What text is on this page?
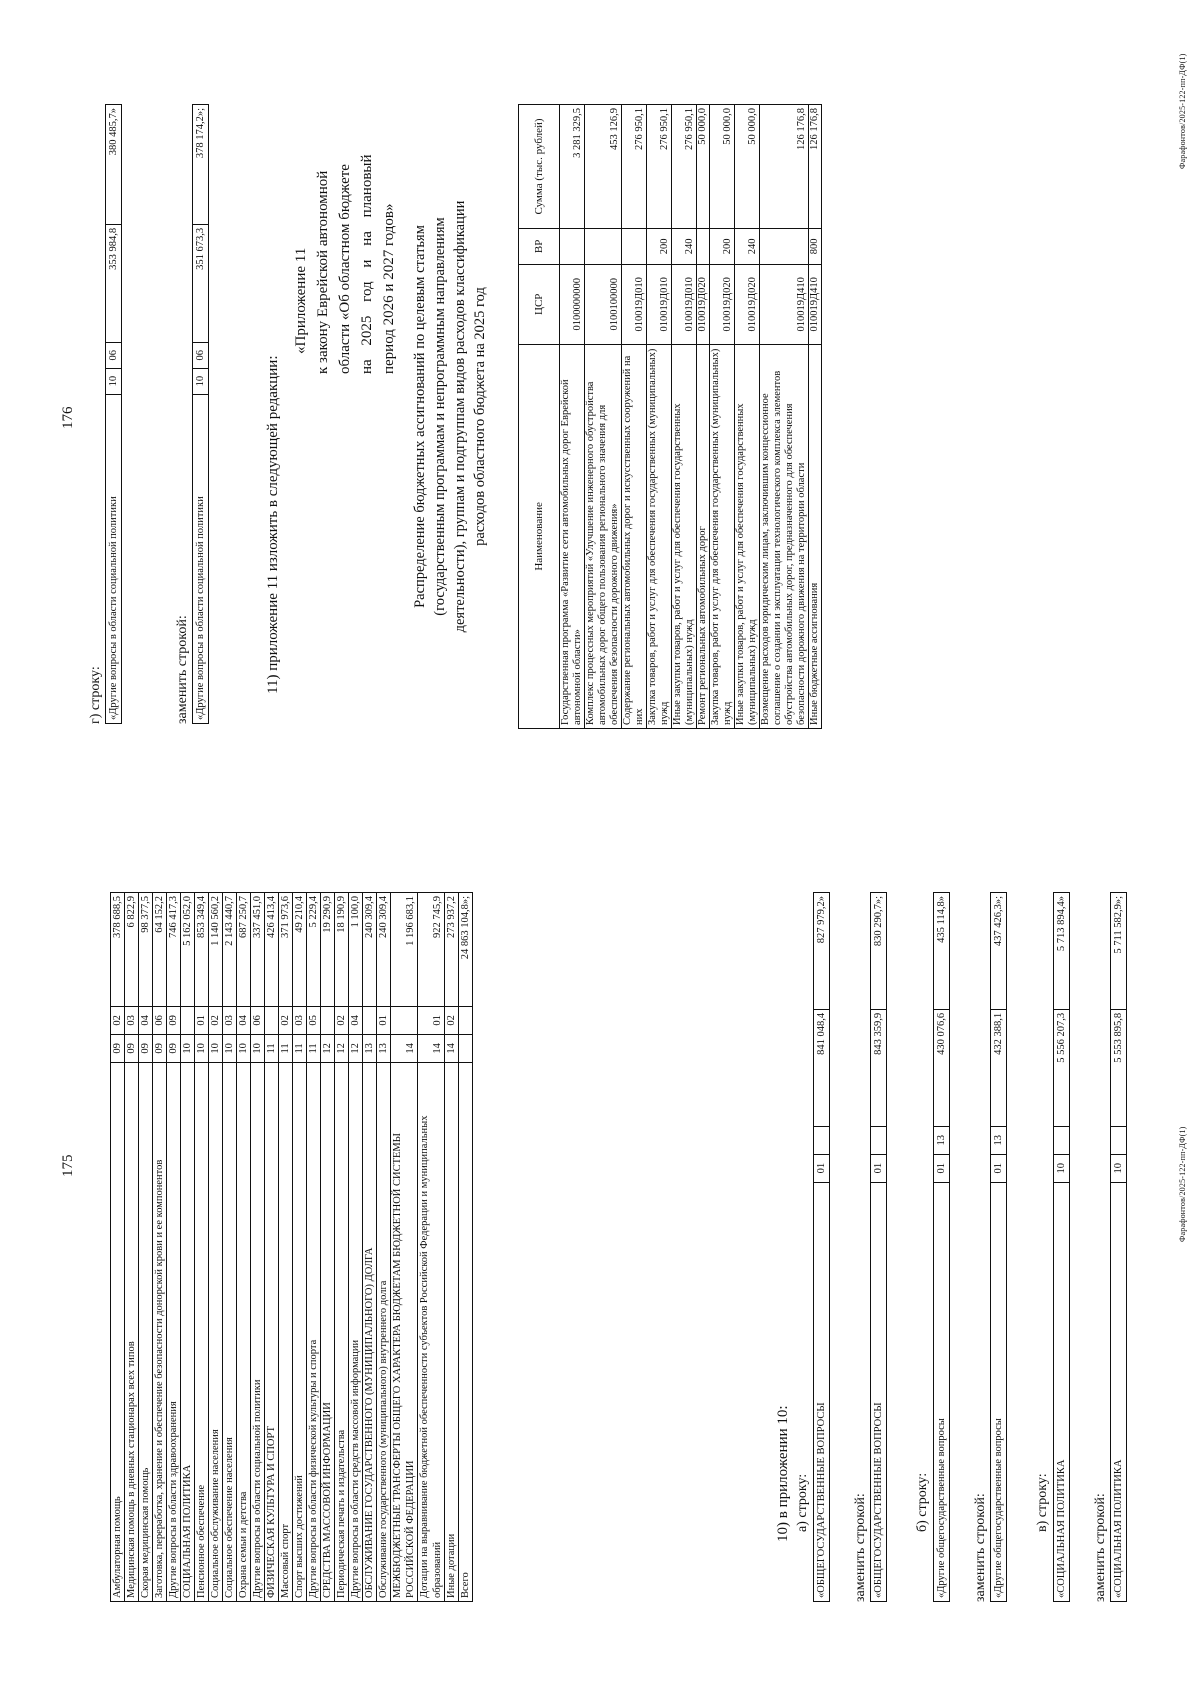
175
Амбулаторная помощь	09	02	378 688,5
Медицинская помощь в дневных стационарах всех типов	09	03	6 822,9
Скорая медицинская помощь	09	04	98 377,5
Заготовка, переработка, хранение и обеспечение безопасности донорской крови и ее компонентов	09	06	64 152,2
Другие вопросы в области здравоохранения	09	09	746 417,3
СОЦИАЛЬНАЯ ПОЛИТИКА	10		5 162 052,0
Пенсионное обеспечение	10	01	853 349,4
Социальное обслуживание населения	10	02	1 140 560,2
Социальное обеспечение населения	10	03	2 143 440,7
Охрана семьи и детства	10	04	687 250,7
Другие вопросы в области социальной политики	10	06	337 451,0
ФИЗИЧЕСКАЯ КУЛЬТУРА И СПОРТ	11		426 413,4
Массовый спорт	11	02	371 973,6
Спорт высших достижений	11	03	49 210,4
Другие вопросы в области физической культуры и спорта	11	05	5 229,4
СРЕДСТВА МАССОВОЙ ИНФОРМАЦИИ	12		19 290,9
Периодическая печать и издательства	12	02	18 190,9
Другие вопросы в области средств массовой информации	12	04	1 100,0
ОБСЛУЖИВАНИЕ ГОСУДАРСТВЕННОГО (МУНИЦИПАЛЬНОГО) ДОЛГА	13		240 309,4
Обслуживание государственного (муниципального) внутреннего долга	13	01	240 309,4
МЕЖБЮДЖЕТНЫЕ ТРАНСФЕРТЫ ОБЩЕГО ХАРАКТЕРА БЮДЖЕТАМ БЮДЖЕТНОЙ СИСТЕМЫ РОССИЙСКОЙ ФЕДЕРАЦИИ	14		1 196 683,1
Дотации на выравнивание бюджетной обеспеченности субъектов Российской Федерации и муниципальных образований	14	01	922 745,9
Иные дотации	14	02	273 937,2
Всего			24 863 104,8»;
10) в приложении 10: а) строку: «ОБЩЕГОСУДАРСТВЕННЫЕ ВОПРОСЫ	01		841 048,4	827 979,2»
заменить строкой: «ОБЩЕГОСУДАРСТВЕННЫЕ ВОПРОСЫ	01		843 359,9	830 290,7»;
б) строку: «Другие общегосударственные вопросы	01	13	430 076,6	435 114,8»
заменить строкой: «Другие общегосударственные вопросы	01	13	432 388,1	437 426,3»;
в) строку: «СОЦИАЛЬНАЯ ПОЛИТИКА	10		5 556 207,3	5 713 894,4»
заменить строкой: «СОЦИАЛЬНАЯ ПОЛИТИКА	10		5 553 895,8	5 711 582,9»;
Фарафонтов/2025-122-пп-ДФ(1)
176
г) строку: «Другие вопросы в области социальной политики	10	06	353 984,8	380 485,7»
заменить строкой: «Другие вопросы в области социальной политики	10	06	351 673,3	378 174,2»;
11) приложение 11 изложить в следующей редакции:
«Приложение 11 к закону Еврейской автономной области «Об областном бюджете на 2025 год и на плановый период 2026 и 2027 годов» Распределение бюджетных ассигнований по целевым статьям (государственным программам и непрограммным направлениям деятельности), группам и подгруппам видов расходов классификации расходов областного бюджета на 2025 год	Наименование	ЦСР	ВР	Сумма (тыс. рублей)
Государственная программа «Развитие сети автомобильных дорог Еврейской автономной области»	0100000000		3 281 329,5
Комплекс процессных мероприятий «Улучшение инженерного обустройства автомобильных дорог общего пользования регионального значения для обеспечения безопасности дорожного движения»	0100100000		453 126,9
Содержание региональных автомобильных дорог и искусственных сооружений на них	010019Д010		276 950,1
Закупка товаров, работ и услуг для обеспечения государственных (муниципальных) нужд	010019Д010	200	276 950,1
Иные закупки товаров, работ и услуг для обеспечения государственных (муниципальных) нужд	010019Д010	240	276 950,1
Ремонт региональных автомобильных дорог	010019Д020		50 000,0
Закупка товаров, работ и услуг для обеспечения государственных (муниципальных) нужд	010019Д020	200	50 000,0
Иные закупки товаров, работ и услуг для обеспечения государственных (муниципальных) нужд	010019Д020	240	50 000,0
Возмещение расходов юридическим лицам, заключившим концессионное соглашение о создании и эксплуатации технологического комплекса элементов обустройства автомобильных дорог, предназначенного для обеспечения безопасности дорожного движения на территории области	010019Д410		126 176,8
Иные бюджетные ассигнования	010019Д410	800	126 176,8	Фарафонтов/2025-122-пп-ДФ(1)
